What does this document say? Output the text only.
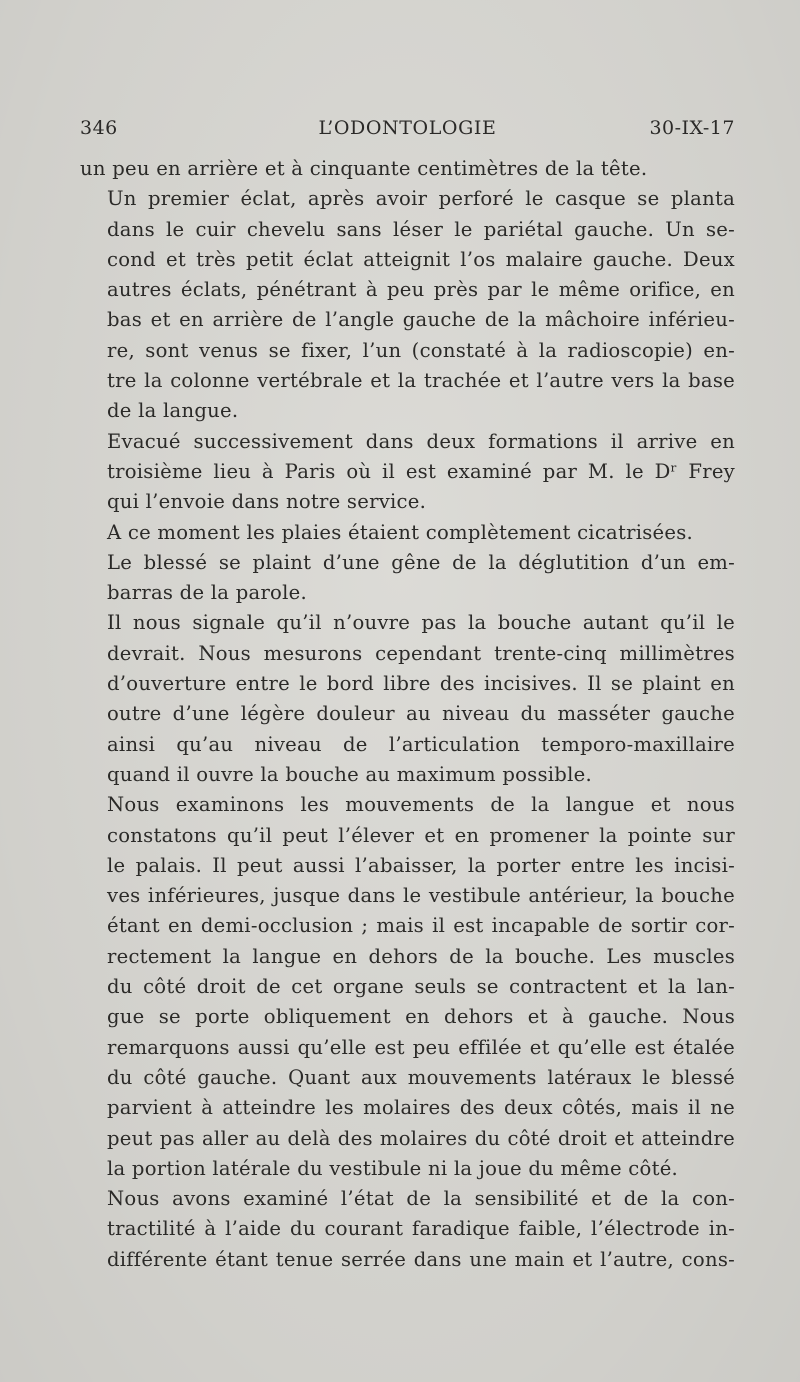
346	L’ODONTOLOGIE	30-IX-17

un peu en arrière et à cinquante centimètres de la tête.

Un premier éclat, après avoir perforé le casque se planta
dans le cuir chevelu sans léser le pariétal gauche. Un se-
cond et très petit éclat atteignit l’os malaire gauche. Deux
autres éclats, pénétrant à peu près par le même orifice, en
bas et en arrière de l’angle gauche de la mâchoire inférieu-
re, sont venus se fixer, l’un (constaté à la radioscopie) en-
tre la colonne vertébrale et la trachée et l’autre vers la base
de la langue.

Evacué successivement dans deux formations il arrive en
troisième lieu à Paris où il est examiné par M. le Dʳ Frey
qui l’envoie dans notre service.

A ce moment les plaies étaient complètement cicatrisées.

Le blessé se plaint d’une gêne de la déglutition d’un em-
barras de la parole.

Il nous signale qu’il n’ouvre pas la bouche autant qu’il le
devrait. Nous mesurons cependant trente-cinq millimètres
d’ouverture entre le bord libre des incisives. Il se plaint en
outre d’une légère douleur au niveau du masséter gauche
ainsi qu’au niveau de l’articulation temporo-maxillaire
quand il ouvre la bouche au maximum possible.

Nous examinons les mouvements de la langue et nous
constatons qu’il peut l’élever et en promener la pointe sur
le palais. Il peut aussi l’abaisser, la porter entre les incisi-
ves inférieures, jusque dans le vestibule antérieur, la bouche
étant en demi-occlusion ; mais il est incapable de sortir cor-
rectement la langue en dehors de la bouche. Les muscles
du côté droit de cet organe seuls se contractent et la lan-
gue se porte obliquement en dehors et à gauche. Nous
remarquons aussi qu’elle est peu effilée et qu’elle est étalée
du côté gauche. Quant aux mouvements latéraux le blessé
parvient à atteindre les molaires des deux côtés, mais il ne
peut pas aller au delà des molaires du côté droit et atteindre
la portion latérale du vestibule ni la joue du même côté.

Nous avons examiné l’état de la sensibilité et de la con-
tractilité à l’aide du courant faradique faible, l’électrode in-
différente étant tenue serrée dans une main et l’autre, cons-
